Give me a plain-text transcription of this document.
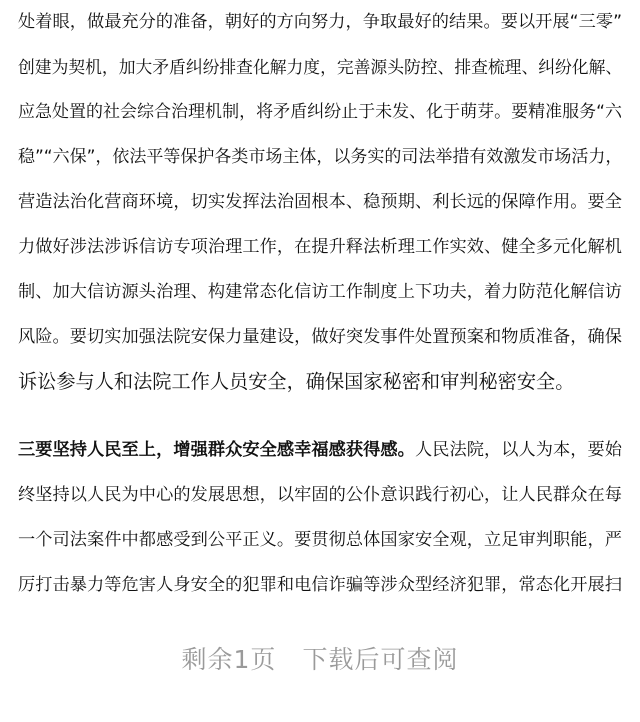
处着眼，做最充分的准备，朝好的方向努力，争取最好的结果。要以开展“三零”
创建为契机，加大矛盾纠纷排查化解力度，完善源头防控、排查梳理、纠纷化解、
应急处置的社会综合治理机制，将矛盾纠纷止于未发、化于萌芽。要精准服务“六
稳”“六保”，依法平等保护各类市场主体，以务实的司法举措有效激发市场活力，
营造法治化营商环境，切实发挥法治固根本、稳预期、利长远的保障作用。要全
力做好涉法涉诉信访专项治理工作，在提升释法析理工作实效、健全多元化解机
制、加大信访源头治理、构建常态化信访工作制度上下功夫，着力防范化解信访
风险。要切实加强法院安保力量建设，做好突发事件处置预案和物质准备，确保
诉讼参与人和法院工作人员安全，确保国家秘密和审判秘密安全。
三要坚持人民至上，增强群众安全感幸福感获得感。人民法院，以人为本，要始
终坚持以人民为中心的发展思想，以牢固的公仆意识践行初心，让人民群众在每
一个司法案件中都感受到公平正义。要贯彻总体国家安全观，立足审判职能，严
厉打击暴力等危害人身安全的犯罪和电信诈骗等涉众型经济犯罪，常态化开展扫
剩余1页 下载后可查阅
